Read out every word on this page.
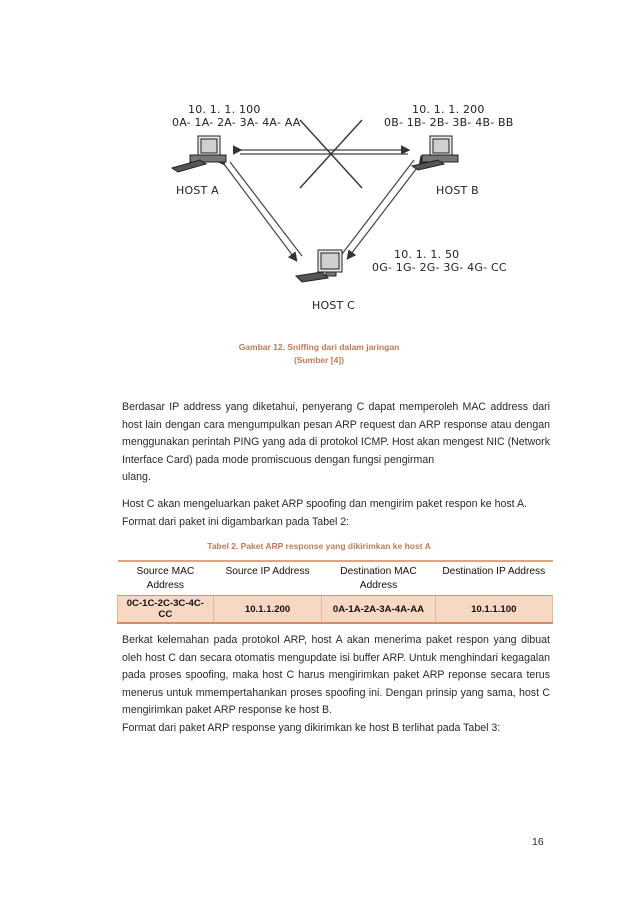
10. 1. 1. 100
0A- 1A- 2A- 3A- 4A- AA
HOST A
10. 1. 1. 200
0B- 1B- 2B- 3B- 4B- BB
HOST B
10. 1. 1. 50
0G- 1G- 2G- 3G- 4G- CC
HOST C
Gambar 12. Sniffing dari dalam jaringan
(Sumber [4])
Berdasar IP address yang diketahui, penyerang C dapat memperoleh MAC address dari host lain dengan cara mengumpulkan pesan ARP request dan ARP response atau dengan menggunakan perintah PING yang ada di protokol ICMP. Host akan mengest NIC (Network Interface Card) pada mode promiscuous dengan fungsi pengirman
ulang.
Host C akan mengeluarkan paket ARP spoofing dan mengirim paket respon ke host A.
Format dari paket ini digambarkan pada Tabel 2:
Tabel 2. Paket ARP response yang dikirimkan ke host A
Source MAC Address	Source IP Address	Destination MAC Address	Destination IP Address
0C-1C-2C-3C-4C-CC	10.1.1.200	0A-1A-2A-3A-4A-AA	10.1.1.100
Berkat kelemahan pada protokol ARP, host A akan menerima paket respon yang dibuat oleh host C dan secara otomatis mengupdate isi buffer ARP. Untuk menghindari kegagalan pada proses spoofing, maka host C harus mengirimkan paket ARP reponse secara terus menerus untuk mmempertahankan proses spoofing ini. Dengan prinsip yang sama, host C mengirimkan paket ARP response ke host B.
Format dari paket ARP response yang dikirimkan ke host B terlihat pada Tabel 3:
16
